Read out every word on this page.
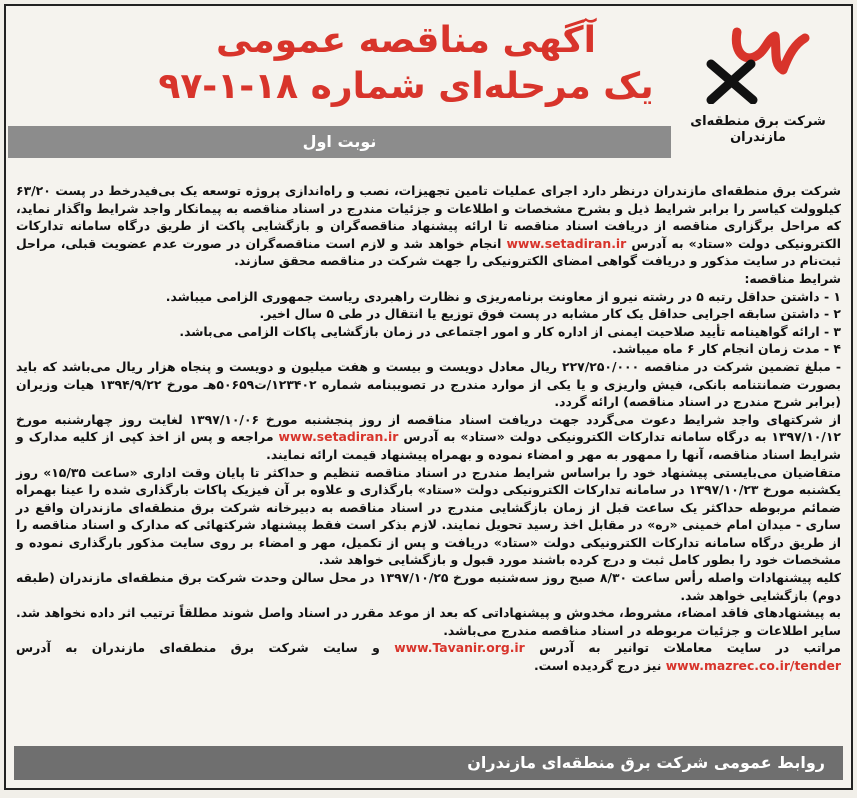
شرکت برق منطقه‌ای
مازندران
آگهی مناقصه عمومی
یک مرحله‌ای شماره ۱۸-۱-۹۷
نوبت اول

شرکت برق منطقه‌ای مازندران درنظر دارد اجرای عملیات تامین تجهیزات، نصب و راه‌اندازی پروژه توسعه یک بی‌فیدرخط در پست ۶۳/۲۰ کیلوولت کیاسر را برابر شرایط ذیل و بشرح مشخصات و اطلاعات و جزئیات مندرج در اسناد مناقصه به پیمانکار واجد شرایط واگذار نماید، که مراحل برگزاری مناقصه از دریافت اسناد مناقصه تا ارائه پیشنهاد مناقصه‌گران و بازگشایی پاکت از طریق درگاه سامانه تدارکات الکترونیکی دولت «ستاد» به آدرس www.setadiran.ir انجام خواهد شد و لازم است مناقصه‌گران در صورت عدم عضویت قبلی، مراحل ثبت‌نام در سایت مذکور و دریافت گواهی امضای الکترونیکی را جهت شرکت در مناقصه محقق سازند.

شرایط مناقصه:

۱ - داشتن حداقل رتبه ۵ در رشته نیرو از معاونت برنامه‌ریزی و نظارت راهبردی ریاست جمهوری الزامی میباشد.

۲ - داشتن سابقه اجرایی حداقل یک کار مشابه در پست فوق توزیع یا انتقال در طی ۵ سال اخیر.

۳ - ارائه گواهینامه تأیید صلاحیت ایمنی از اداره کار و امور اجتماعی در زمان بازگشایی پاکات الزامی می‌باشد.

۴ - مدت زمان انجام کار ۶ ماه میباشد.

- مبلغ تضمین شرکت در مناقصه ۲۲۷/۲۵۰/۰۰۰ ریال معادل دویست و بیست و هفت میلیون و دویست و پنجاه هزار ریال می‌باشد که باید بصورت ضمانتنامه بانکی، فیش واریزی و یا یکی از موارد مندرج در تصویبنامه شماره ۱۲۳۴۰۲/ت۵۰۶۵۹هـ مورخ ۱۳۹۴/۹/۲۲ هیات وزیران (برابر شرح مندرج در اسناد مناقصه) ارائه گردد.

از شرکتهای واجد شرایط دعوت می‌گردد جهت دریافت اسناد مناقصه از روز پنجشنبه مورخ ۱۳۹۷/۱۰/۰۶ لغایت روز چهارشنبه مورخ ۱۳۹۷/۱۰/۱۲ به درگاه سامانه تدارکات الکترونیکی دولت «ستاد» به آدرس www.setadiran.ir مراجعه و پس از اخذ کپی از کلیه مدارک و شرایط اسناد مناقصه، آنها را ممهور به مهر و امضاء نموده و بهمراه پیشنهاد قیمت ارائه نمایند.

متقاضیان می‌بایستی پیشنهاد خود را براساس شرایط مندرج در اسناد مناقصه تنظیم و حداکثر تا پایان وقت اداری «ساعت ۱۵/۳۵» روز یکشنبه مورخ ۱۳۹۷/۱۰/۲۳ در سامانه تدارکات الکترونیکی دولت «ستاد» بارگذاری و علاوه بر آن فیزیک پاکات بارگذاری شده را عینا بهمراه ضمائم مربوطه حداکثر یک ساعت قبل از زمان بازگشایی مندرج در اسناد مناقصه به دبیرخانه شرکت برق منطقه‌ای مازندران واقع در ساری - میدان امام خمینی «ره» در مقابل اخذ رسید تحویل نمایند. لازم بذکر است فقط پیشنهاد شرکتهائی که مدارک و اسناد مناقصه را از طریق درگاه سامانه تدارکات الکترونیکی دولت «ستاد» دریافت و پس از تکمیل، مهر و امضاء بر روی سایت مذکور بارگذاری نموده و مشخصات خود را بطور کامل ثبت و درج کرده باشند مورد قبول و بازگشایی خواهد شد.

کلیه پیشنهادات واصله رأس ساعت ۸/۳۰ صبح روز سه‌شنبه مورخ ۱۳۹۷/۱۰/۲۵ در محل سالن وحدت شرکت برق منطقه‌ای مازندران (طبقه دوم) بازگشایی خواهد شد.

به پیشنهادهای فاقد امضاء، مشروط، مخدوش و پیشنهاداتی که بعد از موعد مقرر در اسناد واصل شوند مطلقاً ترتیب اثر داده نخواهد شد. سایر اطلاعات و جزئیات مربوطه در اسناد مناقصه مندرج می‌باشد.

مراتب در سایت معاملات توانیر به آدرس www.Tavanir.org.ir و سایت شرکت برق منطقه‌ای مازندران به آدرس www.mazrec.co.ir/tender نیز درج گردیده است.

روابط عمومی شرکت برق منطقه‌ای مازندران
